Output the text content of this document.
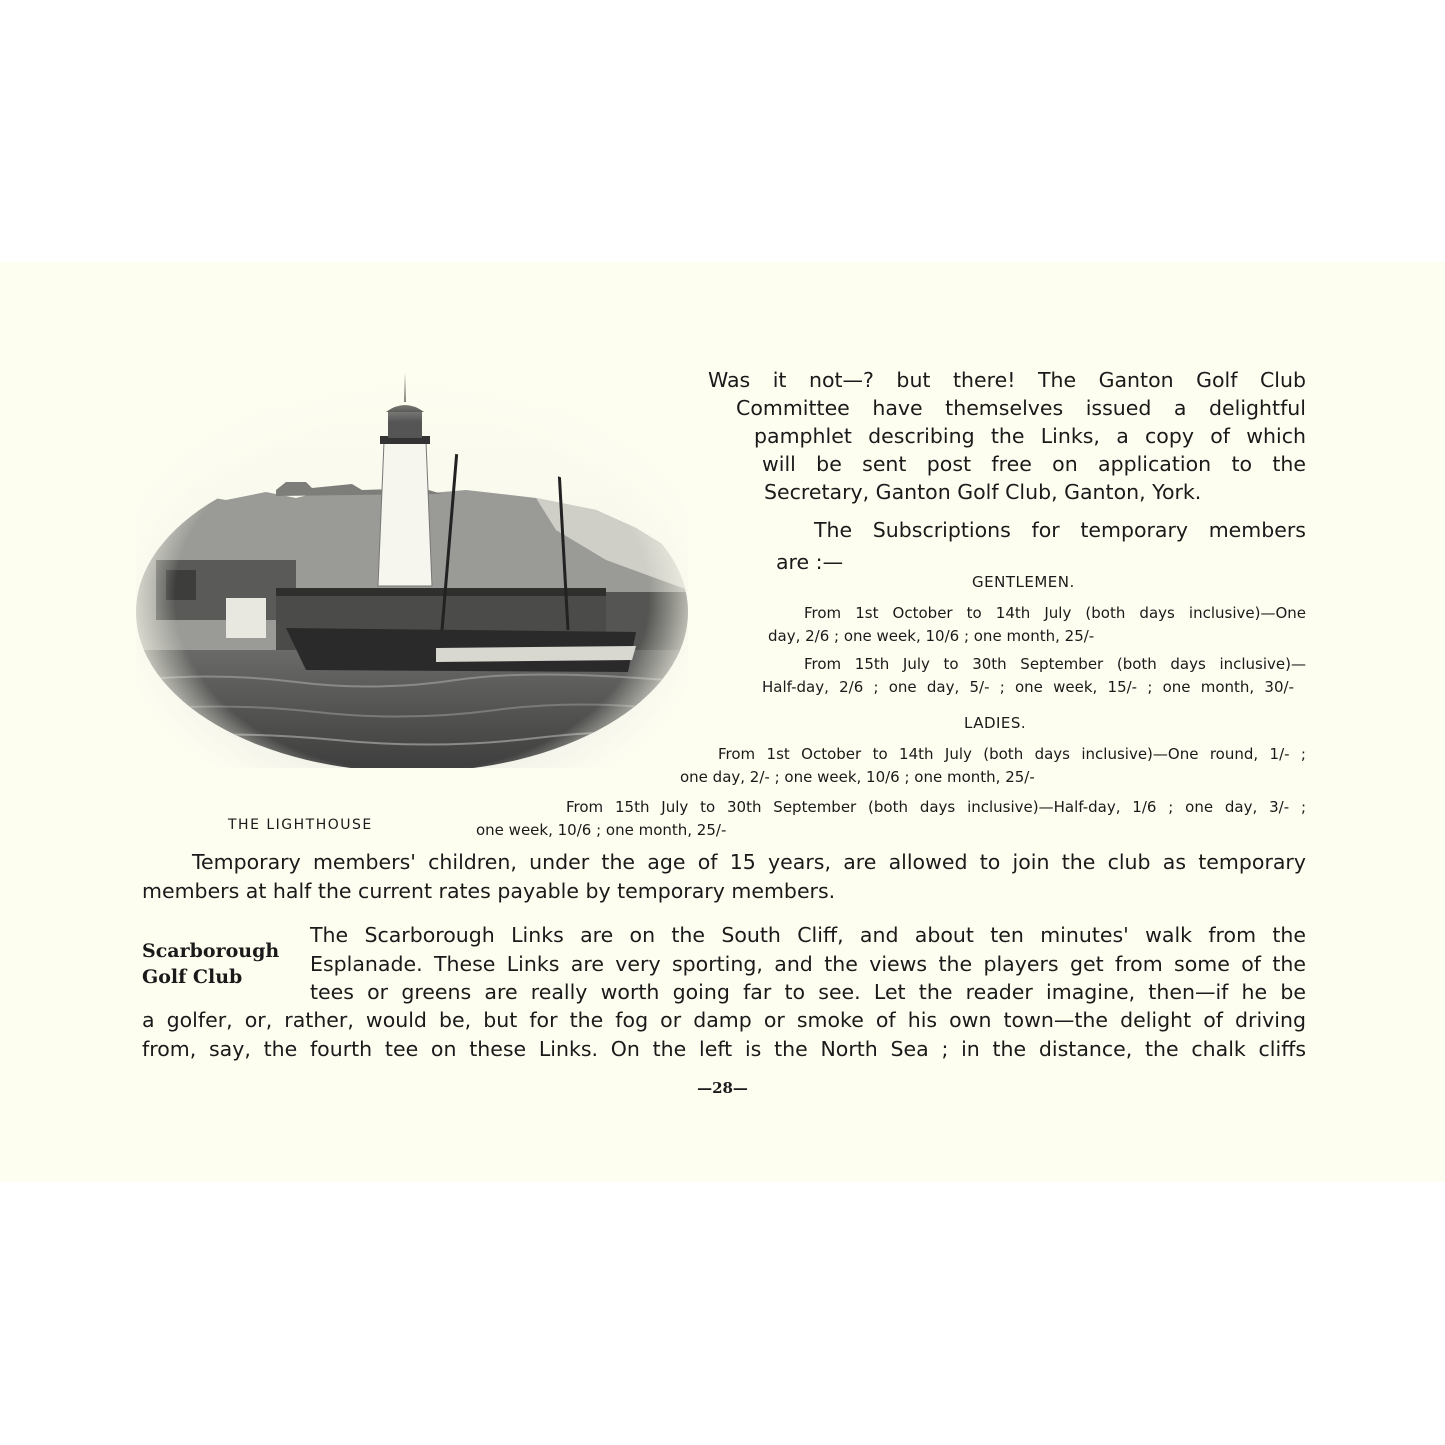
THE LIGHTHOUSE
Was it not—? but there! The Ganton Golf Club
Committee have themselves issued a delightful
pamphlet describing the Links, a copy of which
will be sent post free on application to the
Secretary, Ganton Golf Club, Ganton, York.
The Subscriptions for temporary members
are :—
GENTLEMEN.
From 1st October to 14th July (both days inclusive)—One
day, 2/6 ; one week, 10/6 ; one month, 25/-
From 15th July to 30th September (both days inclusive)—
Half-day, 2/6 ; one day, 5/- ; one week, 15/- ; one month, 30/-
LADIES.
From 1st October to 14th July (both days inclusive)—One round, 1/- ;
one day, 2/- ; one week, 10/6 ; one month, 25/-
From 15th July to 30th September (both days inclusive)—Half-day, 1/6 ; one day, 3/- ;
one week, 10/6 ; one month, 25/-
Temporary members' children, under the age of 15 years, are allowed to join the club as temporary
members at half the current rates payable by temporary members.
Scarborough
Golf Club
The Scarborough Links are on the South Cliff, and about ten minutes' walk from the
Esplanade. These Links are very sporting, and the views the players get from some of the
tees or greens are really worth going far to see. Let the reader imagine, then—if he be
a golfer, or, rather, would be, but for the fog or damp or smoke of his own town—the delight of driving
from, say, the fourth tee on these Links. On the left is the North Sea ; in the distance, the chalk cliffs
—28—
